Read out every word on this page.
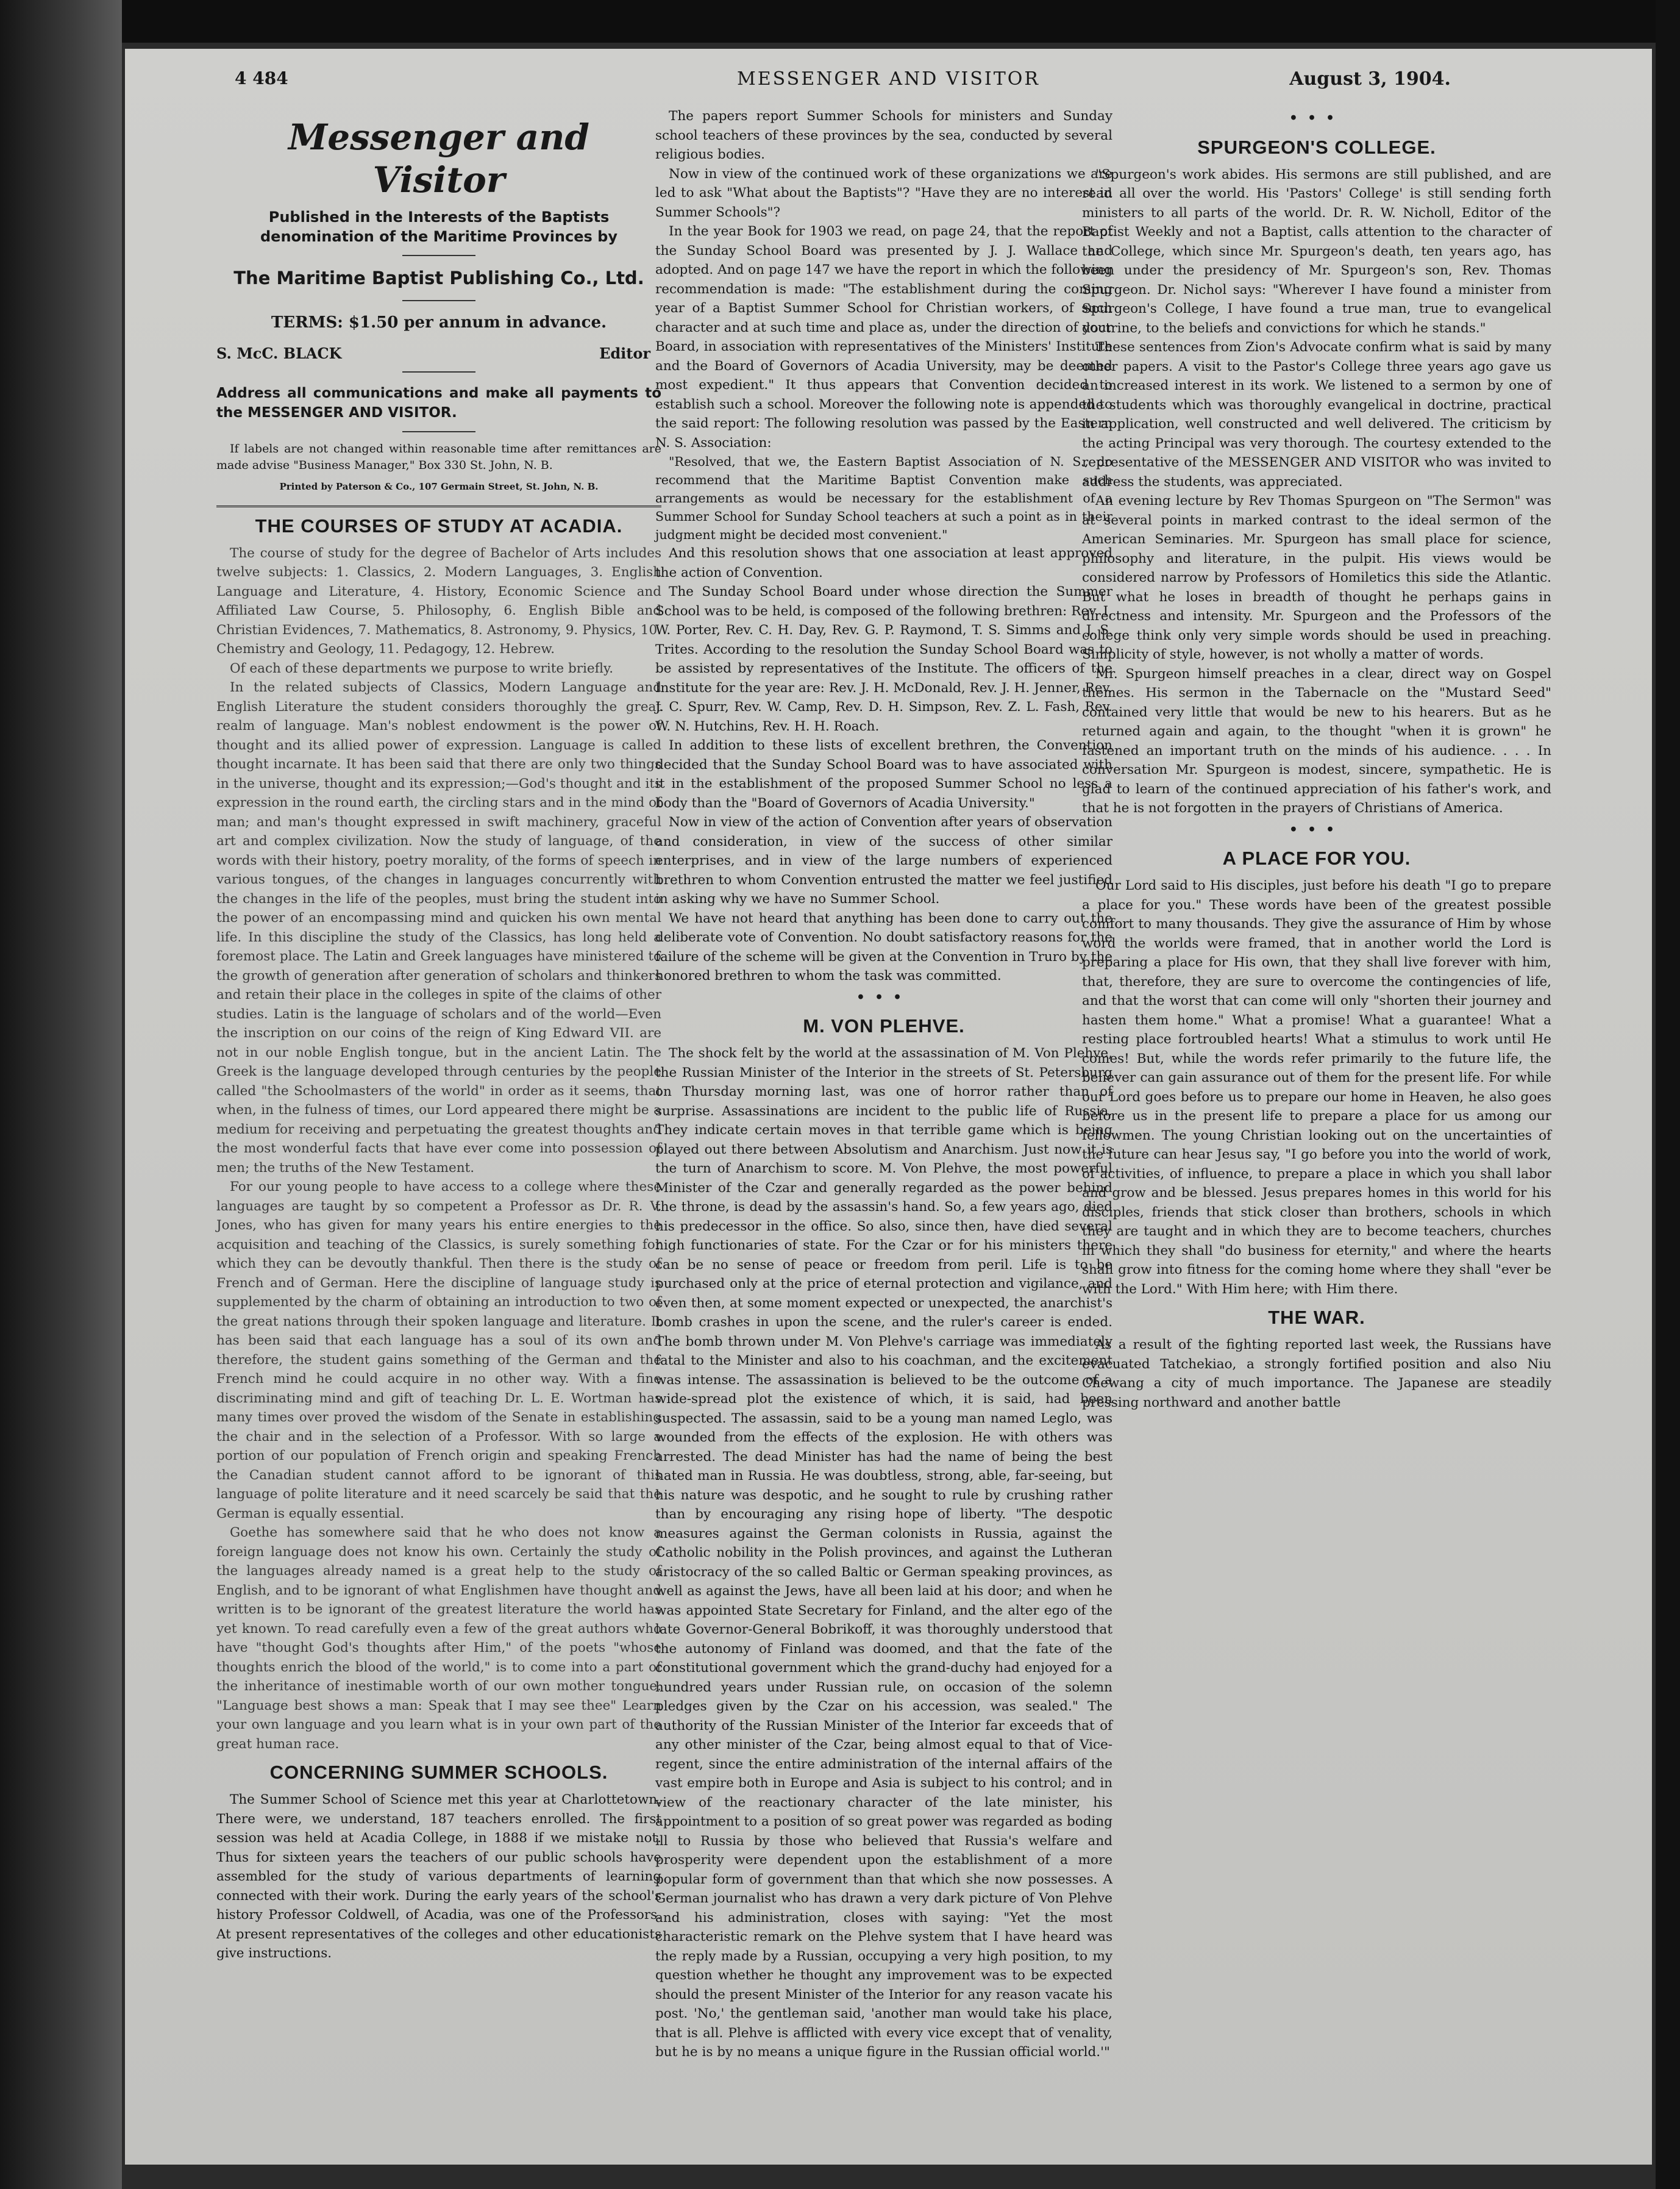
4 484	MESSENGER AND VISITOR	August 3, 1904.
Messenger and Visitor
Published in the Interests of the Baptists denomination of the Maritime Provinces by
The Maritime Baptist Publishing Co., Ltd.
TERMS: $1.50 per annum in advance.
S. McC. BLACK	Editor
Address all communications and make all payments to the MESSENGER AND VISITOR.

If labels are not changed within reasonable time after remittances are made advise "Business Manager," Box 330 St. John, N. B.

Printed by Paterson & Co., 107 Germain Street, St. John, N. B.
THE COURSES OF STUDY AT ACADIA.

The course of study for the degree of Bachelor of Arts includes twelve subjects: 1. Classics, 2. Modern Languages, 3. English Language and Literature, 4. History, Economic Science and Affiliated Law Course, 5. Philosophy, 6. English Bible and Christian Evidences, 7. Mathematics, 8. Astronomy, 9. Physics, 10. Chemistry and Geology, 11. Pedagogy, 12. Hebrew.

Of each of these departments we purpose to write briefly.

In the related subjects of Classics, Modern Language and English Literature the student considers thoroughly the great realm of language. Man's noblest endowment is the power of thought and its allied power of expression. Language is called thought incarnate. It has been said that there are only two things in the universe, thought and its expression;—God's thought and its expression in the round earth, the circling stars and in the mind of man; and man's thought expressed in swift machinery, graceful art and complex civilization. Now the study of language, of the words with their history, poetry morality, of the forms of speech in various tongues, of the changes in languages concurrently with the changes in the life of the peoples, must bring the student into the power of an encompassing mind and quicken his own mental life. In this discipline the study of the Classics, has long held a foremost place. The Latin and Greek languages have ministered to the growth of generation after generation of scholars and thinkers and retain their place in the colleges in spite of the claims of other studies. Latin is the language of scholars and of the world—Even the inscription on our coins of the reign of King Edward VII. are not in our noble English tongue, but in the ancient Latin. The Greek is the language developed through centuries by the people called "the Schoolmasters of the world" in order as it seems, that when, in the fulness of times, our Lord appeared there might be a medium for receiving and perpetuating the greatest thoughts and the most wonderful facts that have ever come into possession of men; the truths of the New Testament.

For our young people to have access to a college where these languages are taught by so competent a Professor as Dr. R. V. Jones, who has given for many years his entire energies to the acquisition and teaching of the Classics, is surely something for which they can be devoutly thankful. Then there is the study of French and of German. Here the discipline of language study is supplemented by the charm of obtaining an introduction to two of the great nations through their spoken language and literature. It has been said that each language has a soul of its own and therefore, the student gains something of the German and the French mind he could acquire in no other way. With a fine discriminating mind and gift of teaching Dr. L. E. Wortman has many times over proved the wisdom of the Senate in establishing the chair and in the selection of a Professor. With so large a portion of our population of French origin and speaking French the Canadian student cannot afford to be ignorant of this language of polite literature and it need scarcely be said that the German is equally essential.

Goethe has somewhere said that he who does not know a foreign language does not know his own. Certainly the study of the languages already named is a great help to the study of English, and to be ignorant of what Englishmen have thought and written is to be ignorant of the greatest literature the world has yet known. To read carefully even a few of the great authors who have "thought God's thoughts after Him," of the poets "whose thoughts enrich the blood of the world," is to come into a part of the inheritance of inestimable worth of our own mother tongue. "Language best shows a man: Speak that I may see thee" Learn your own language and you learn what is in your own part of the great human race.

CONCERNING SUMMER SCHOOLS.

The Summer School of Science met this year at Charlottetown. There were, we understand, 187 teachers enrolled. The first session was held at Acadia College, in 1888 if we mistake not. Thus for sixteen years the teachers of our public schools have assembled for the study of various departments of learning connected with their work. During the early years of the school's history Professor Coldwell, of Acadia, was one of the Professors. At present representatives of the colleges and other educationists give instructions.

The papers report Summer Schools for ministers and Sunday school teachers of these provinces by the sea, conducted by several religious bodies.

Now in view of the continued work of these organizations we are led to ask "What about the Baptists"? "Have they are no interest in Summer Schools"?

In the year Book for 1903 we read, on page 24, that the report of the Sunday School Board was presented by J. J. Wallace and adopted. And on page 147 we have the report in which the following recommendation is made: "The establishment during the coming year of a Baptist Summer School for Christian workers, of such character and at such time and place as, under the direction of your Board, in association with representatives of the Ministers' Institute and the Board of Governors of Acadia University, may be deemed most expedient." It thus appears that Convention decided to establish such a school. Moreover the following note is appended to the said report: The following resolution was passed by the Eastern N. S. Association:

"Resolved, that we, the Eastern Baptist Association of N. S., do recommend that the Maritime Baptist Convention make such arrangements as would be necessary for the establishment of a Summer School for Sunday School teachers at such a point as in their judgment might be decided most convenient."

And this resolution shows that one association at least approved the action of Convention.

The Sunday School Board under whose direction the Summer School was to be held, is composed of the following brethren: Rev. I. W. Porter, Rev. C. H. Day, Rev. G. P. Raymond, T. S. Simms and J. S. Trites. According to the resolution the Sunday School Board was to be assisted by representatives of the Institute. The officers of the Institute for the year are: Rev. J. H. McDonald, Rev. J. H. Jenner, Rev. J. C. Spurr, Rev. W. Camp, Rev. D. H. Simpson, Rev. Z. L. Fash, Rev. W. N. Hutchins, Rev. H. H. Roach.

In addition to these lists of excellent brethren, the Convention decided that the Sunday School Board was to have associated with it in the establishment of the proposed Summer School no less a body than the "Board of Governors of Acadia University."

Now in view of the action of Convention after years of observation and consideration, in view of the success of other similar enterprises, and in view of the large numbers of experienced brethren to whom Convention entrusted the matter we feel justified in asking why we have no Summer School.

We have not heard that anything has been done to carry out the deliberate vote of Convention. No doubt satisfactory reasons for the failure of the scheme will be given at the Convention in Truro by the honored brethren to whom the task was committed.

•••
M. VON PLEHVE.

The shock felt by the world at the assassination of M. Von Plehve, the Russian Minister of the Interior in the streets of St. Petersburg on Thursday morning last, was one of horror rather than of surprise. Assassinations are incident to the public life of Russia. They indicate certain moves in that terrible game which is being played out there between Absolutism and Anarchism. Just now it is the turn of Anarchism to score. M. Von Plehve, the most powerful Minister of the Czar and generally regarded as the power behind the throne, is dead by the assassin's hand. So, a few years ago, died his predecessor in the office. So also, since then, have died several high functionaries of state. For the Czar or for his ministers there can be no sense of peace or freedom from peril. Life is to be purchased only at the price of eternal protection and vigilance, and even then, at some moment expected or unexpected, the anarchist's bomb crashes in upon the scene, and the ruler's career is ended. The bomb thrown under M. Von Plehve's carriage was immediately fatal to the Minister and also to his coachman, and the excitement was intense. The assassination is believed to be the outcome of a wide-spread plot the existence of which, it is said, had been suspected. The assassin, said to be a young man named Leglo, was wounded from the effects of the explosion. He with others was arrested. The dead Minister has had the name of being the best hated man in Russia. He was doubtless, strong, able, far-seeing, but his nature was despotic, and he sought to rule by crushing rather than by encouraging any rising hope of liberty. "The despotic measures against the German colonists in Russia, against the Catholic nobility in the Polish provinces, and against the Lutheran aristocracy of the so called Baltic or German speaking provinces, as well as against the Jews, have all been laid at his door; and when he was appointed State Secretary for Finland, and the alter ego of the late Governor-General Bobrikoff, it was thoroughly understood that the autonomy of Finland was doomed, and that the fate of the constitutional government which the grand-duchy had enjoyed for a hundred years under Russian rule, on occasion of the solemn pledges given by the Czar on his accession, was sealed." The authority of the Russian Minister of the Interior far exceeds that of any other minister of the Czar, being almost equal to that of Vice-regent, since the entire administration of the internal affairs of the vast empire both in Europe and Asia is subject to his control; and in view of the reactionary character of the late minister, his appointment to a position of so great power was regarded as boding ill to Russia by those who believed that Russia's welfare and prosperity were dependent upon the establishment of a more popular form of government than that which she now possesses. A German journalist who has drawn a very dark picture of Von Plehve and his administration, closes with saying: "Yet the most characteristic remark on the Plehve system that I have heard was the reply made by a Russian, occupying a very high position, to my question whether he thought any improvement was to be expected should the present Minister of the Interior for any reason vacate his post. 'No,' the gentleman said, 'another man would take his place, that is all. Plehve is afflicted with every vice except that of venality, but he is by no means a unique figure in the Russian official world.'"

•••
SPURGEON'S COLLEGE.

"Spurgeon's work abides. His sermons are still published, and are read all over the world. His 'Pastors' College' is still sending forth ministers to all parts of the world. Dr. R. W. Nicholl, Editor of the Baptist Weekly and not a Baptist, calls attention to the character of the College, which since Mr. Spurgeon's death, ten years ago, has been under the presidency of Mr. Spurgeon's son, Rev. Thomas Spurgeon. Dr. Nichol says: "Wherever I have found a minister from Spurgeon's College, I have found a true man, true to evangelical doctrine, to the beliefs and convictions for which he stands."

These sentences from Zion's Advocate confirm what is said by many other papers. A visit to the Pastor's College three years ago gave us an increased interest in its work. We listened to a sermon by one of the students which was thoroughly evangelical in doctrine, practical in application, well constructed and well delivered. The criticism by the acting Principal was very thorough. The courtesy extended to the representative of the MESSENGER AND VISITOR who was invited to address the students, was appreciated.

An evening lecture by Rev Thomas Spurgeon on "The Sermon" was at several points in marked contrast to the ideal sermon of the American Seminaries. Mr. Spurgeon has small place for science, philosophy and literature, in the pulpit. His views would be considered narrow by Professors of Homiletics this side the Atlantic. But what he loses in breadth of thought he perhaps gains in directness and intensity. Mr. Spurgeon and the Professors of the college think only very simple words should be used in preaching. Simplicity of style, however, is not wholly a matter of words.

Mr. Spurgeon himself preaches in a clear, direct way on Gospel themes. His sermon in the Tabernacle on the "Mustard Seed" contained very little that would be new to his hearers. But as he returned again and again, to the thought "when it is grown" he fastened an important truth on the minds of his audience. . . . In conversation Mr. Spurgeon is modest, sincere, sympathetic. He is glad to learn of the continued appreciation of his father's work, and that he is not forgotten in the prayers of Christians of America.

•••
A PLACE FOR YOU.

Our Lord said to His disciples, just before his death "I go to prepare a place for you." These words have been of the greatest possible comfort to many thousands. They give the assurance of Him by whose word the worlds were framed, that in another world the Lord is preparing a place for His own, that they shall live forever with him, that, therefore, they are sure to overcome the contingencies of life, and that the worst that can come will only "shorten their journey and hasten them home." What a promise! What a guarantee! What a resting place fortroubled hearts! What a stimulus to work until He comes! But, while the words refer primarily to the future life, the believer can gain assurance out of them for the present life. For while our Lord goes before us to prepare our home in Heaven, he also goes before us in the present life to prepare a place for us among our fellowmen. The young Christian looking out on the uncertainties of the future can hear Jesus say, "I go before you into the world of work, of activities, of influence, to prepare a place in which you shall labor and grow and be blessed. Jesus prepares homes in this world for his disciples, friends that stick closer than brothers, schools in which they are taught and in which they are to become teachers, churches in which they shall "do business for eternity," and where the hearts shall grow into fitness for the coming home where they shall "ever be with the Lord." With Him here; with Him there.

THE WAR.

As a result of the fighting reported last week, the Russians have evacuated Tatchekiao, a strongly fortified position and also Niu Chewang a city of much importance. The Japanese are steadily pressing northward and another battle
